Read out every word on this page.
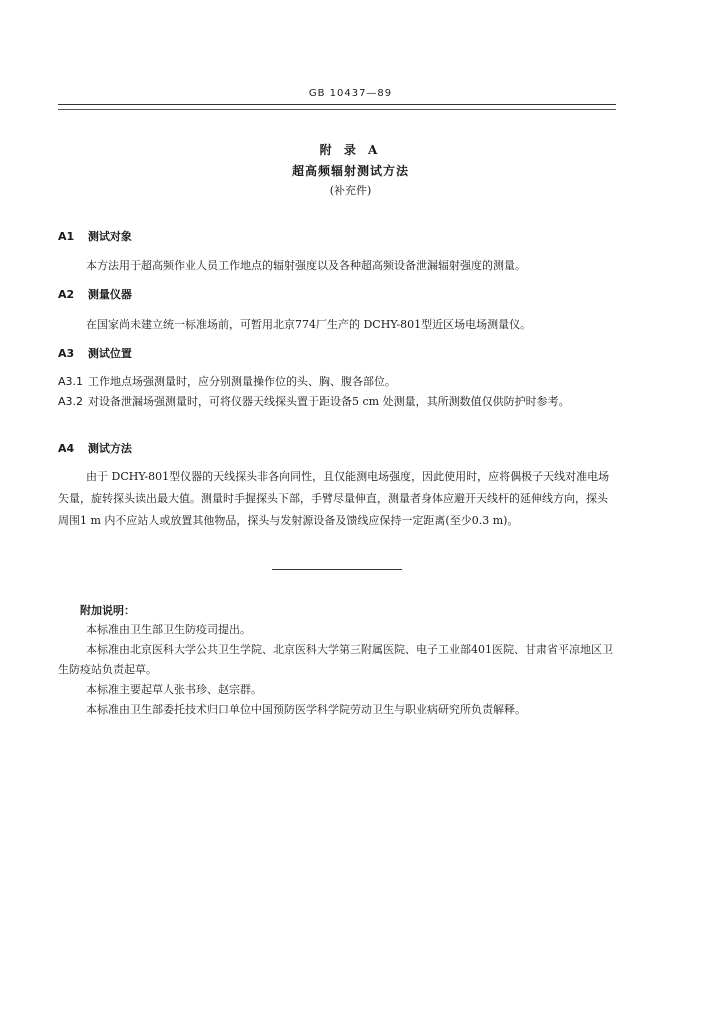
GB 10437—89
附 录 A
超高频辐射测试方法
(补充件)
A1 测试对象
本方法用于超高频作业人员工作地点的辐射强度以及各种超高频设备泄漏辐射强度的测量。
A2 测量仪器
在国家尚未建立统一标准场前，可暂用北京774厂生产的 DCHY-801型近区场电场测量仪。
A3 测试位置
A3.1 工作地点场强测量时，应分别测量操作位的头、胸、腹各部位。
A3.2 对设备泄漏场强测量时，可将仪器天线探头置于距设备5 cm 处测量，其所测数值仅供防护时参考。
A4 测试方法
由于 DCHY-801型仪器的天线探头非各向同性，且仅能测电场强度，因此使用时，应将偶极子天线对准电场矢量，旋转探头读出最大值。测量时手握探头下部，手臂尽量伸直，测量者身体应避开天线杆的延伸线方向，探头周围1 m 内不应站人或放置其他物品，探头与发射源设备及馈线应保持一定距离(至少0.3 m)。
附加说明：
本标准由卫生部卫生防疫司提出。
本标准由北京医科大学公共卫生学院、北京医科大学第三附属医院、电子工业部401医院、甘肃省平凉地区卫生防疫站负责起草。
本标准主要起草人张书珍、赵宗群。
本标准由卫生部委托技术归口单位中国预防医学科学院劳动卫生与职业病研究所负责解释。
